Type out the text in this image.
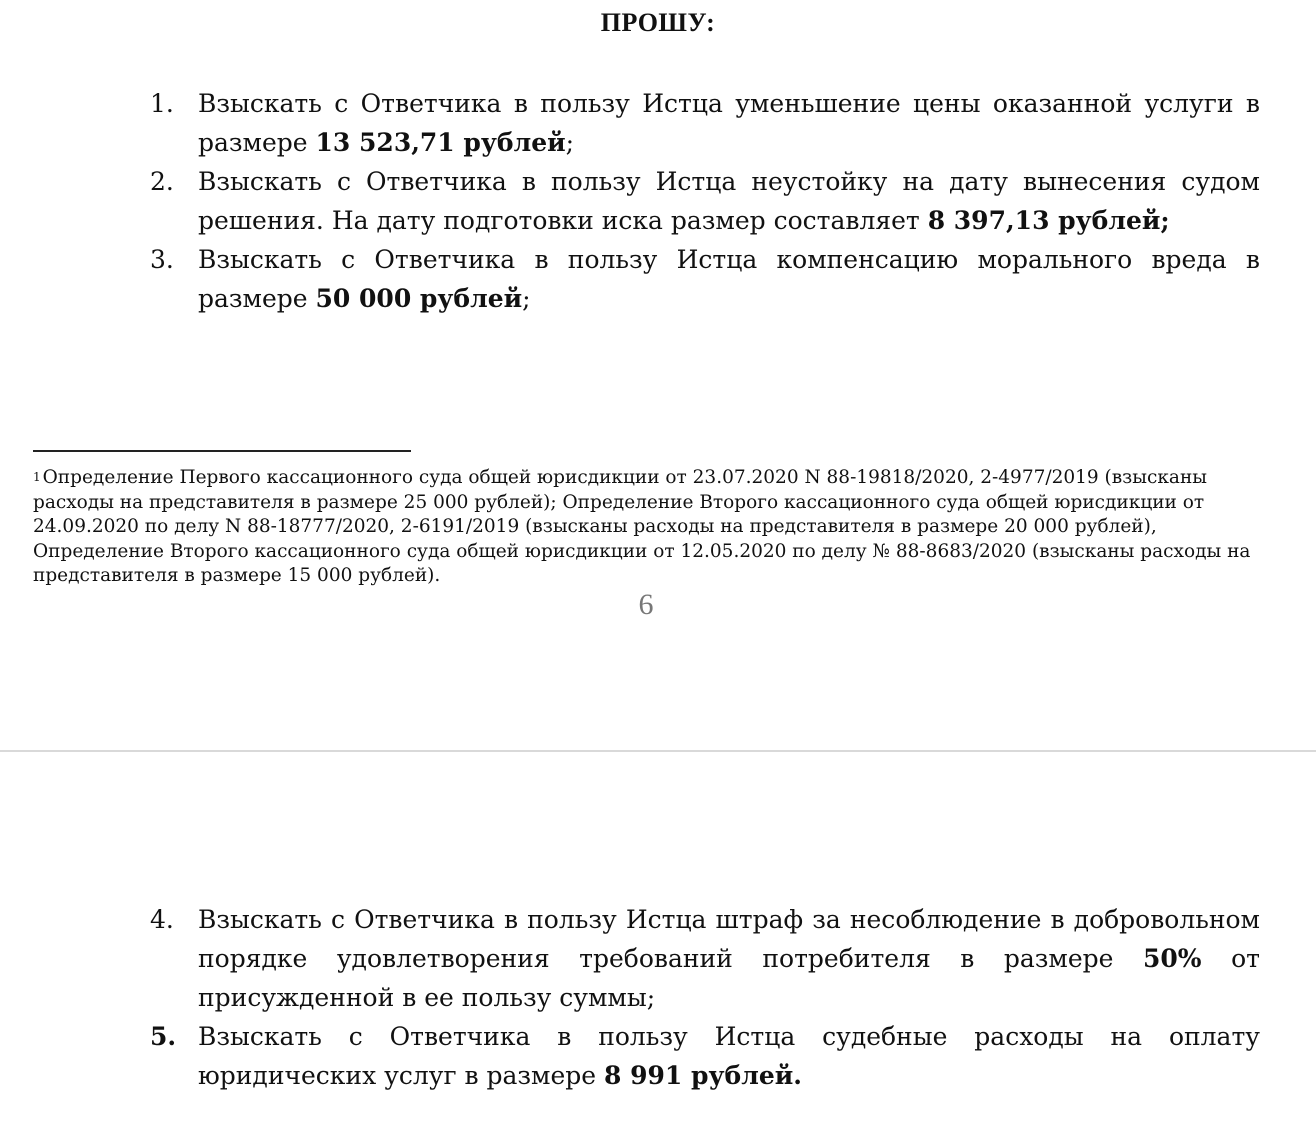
ПРОШУ:
1. Взыскать с Ответчика в пользу Истца уменьшение цены оказанной услуги в размере 13 523,71 рублей;
2. Взыскать с Ответчика в пользу Истца неустойку на дату вынесения судом решения. На дату подготовки иска размер составляет 8 397,13 рублей;
3. Взыскать с Ответчика в пользу Истца компенсацию морального вреда в размере 50 000 рублей;
$^1$ Определение Первого кассационного суда общей юрисдикции от 23.07.2020 N 88-19818/2020, 2-4977/2019 (взысканы расходы на представителя в размере 25 000 рублей); Определение Второго кассационного суда общей юрисдикции от 24.09.2020 по делу N 88-18777/2020, 2-6191/2019 (взысканы расходы на представителя в размере 20 000 рублей), Определение Второго кассационного суда общей юрисдикции от 12.05.2020 по делу № 88-8683/2020 (взысканы расходы на представителя в размере 15 000 рублей).
6
4. Взыскать с Ответчика в пользу Истца штраф за несоблюдение в добровольном порядке удовлетворения требований потребителя в размере 50% от присужденной в ее пользу суммы;
5. Взыскать с Ответчика в пользу Истца судебные расходы на оплату юридических услуг в размере 8 991 рублей.
